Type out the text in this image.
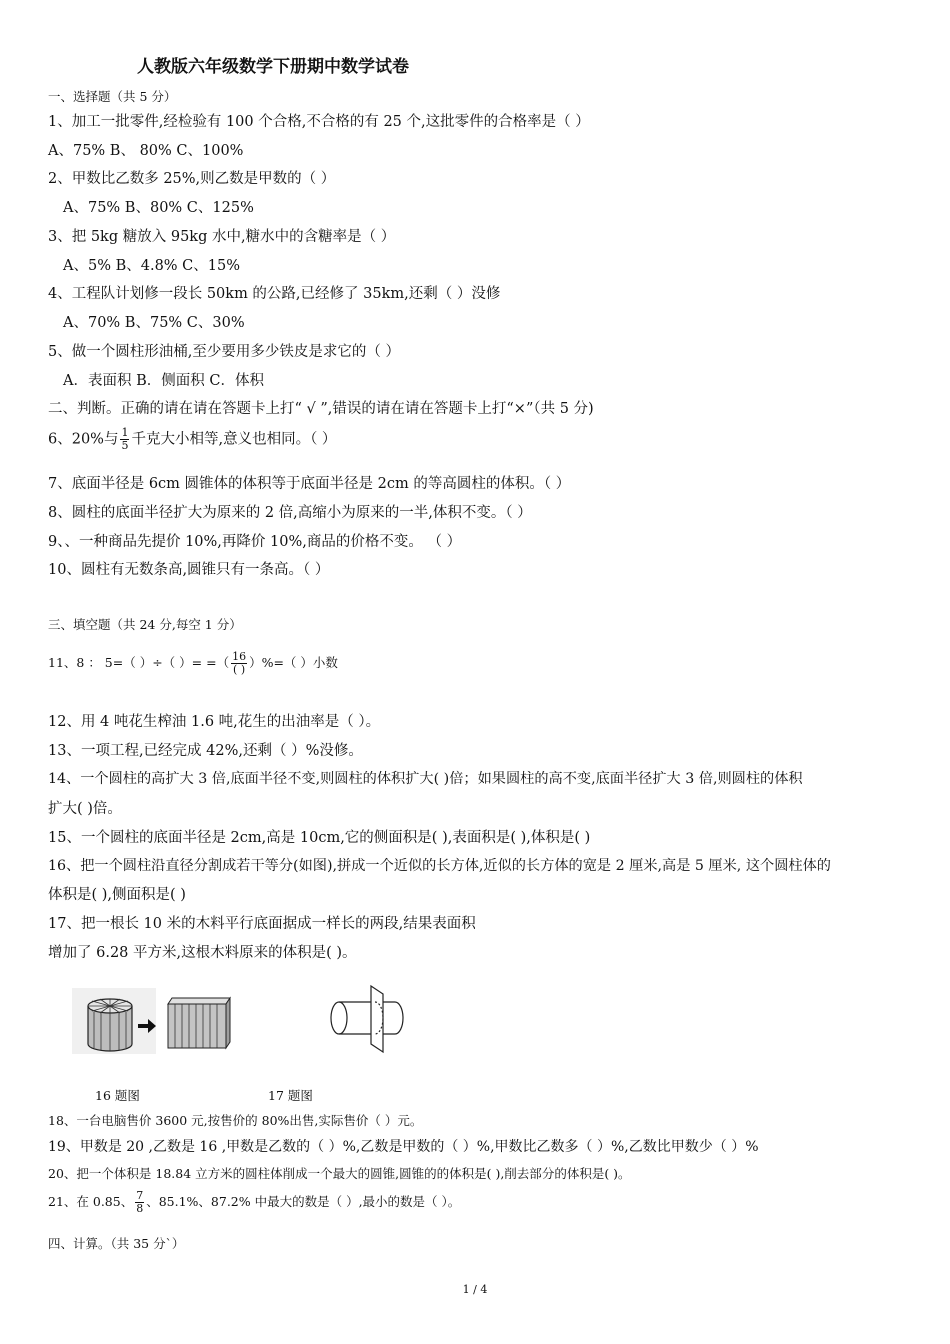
人教版六年级数学下册期中数学试卷
一、选择题（共 5 分）
1、加工一批零件,经检验有 100 个合格,不合格的有 25 个,这批零件的合格率是（ ）
A、75% B、 80% C、100%
2、甲数比乙数多 25%,则乙数是甲数的（ ）
A、75% B、80% C、125%
3、把 5kg 糖放入 95kg 水中,糖水中的含糖率是（ ）
A、5% B、4.8% C、15%
4、工程队计划修一段长 50km 的公路,已经修了 35km,还剩（ ）没修
A、70% B、75% C、30%
5、做一个圆柱形油桶,至少要用多少铁皮是求它的（ ）
A．表面积 B．侧面积 C．体积
二、判断。正确的请在请在答题卡上打“ √ ”,错误的请在请在答题卡上打“×”（共 5 分)
6、20%与 $\frac{1}{5}$ 千克大小相等,意义也相同。（ ）
7、底面半径是 6cm 圆锥体的体积等于底面半径是 2cm 的等高圆柱的体积。（ ）
8、圆柱的底面半径扩大为原来的 2 倍,高缩小为原来的一半,体积不变。（ ）
9、、一种商品先提价 10%,再降价 10%,商品的价格不变。 （ ）
10、圆柱有无数条高,圆锥只有一条高。（ ）
三、填空题（共 24 分,每空 1 分）
11、8 ： 5=（ ）÷（ ）= =（ $\frac{16}{( )}$ ）%=（ ）小数
12、用 4 吨花生榨油 1.6 吨,花生的出油率是（ ）。
13、一项工程,已经完成 42%,还剩（ ）%没修。
14、一个圆柱的高扩大 3 倍,底面半径不变,则圆柱的体积扩大( )倍；如果圆柱的高不变,底面半径扩大 3 倍,则圆柱的体积
扩大( )倍。
15、一个圆柱的底面半径是 2cm,高是 10cm,它的侧面积是( ),表面积是( ),体积是( )
16、把一个圆柱沿直径分割成若干等分(如图),拼成一个近似的长方体,近似的长方体的宽是 2 厘米,高是 5 厘米, 这个圆柱体的
体积是( ),侧面积是( )
17、把一根长 10 米的木料平行底面据成一样长的两段,结果表面积
增加了 6.28 平方米,这根木料原来的体积是( )。
16 题图	17 题图
18、一台电脑售价 3600 元,按售价的 80%出售,实际售价（ ）元。
19、甲数是 20 ,乙数是 16 ,甲数是乙数的（ ）%,乙数是甲数的（ ）%,甲数比乙数多（ ）%,乙数比甲数少（ ）%
20、把一个体积是 18.84 立方米的圆柱体削成一个最大的圆锥,圆锥的的体积是( ),削去部分的体积是( )。
21、在 0.85、 $\frac{7}{8}$ 、85.1%、87.2% 中最大的数是（ ）,最小的数是（ ）。
四、计算。（共 35 分`）
1 / 4
